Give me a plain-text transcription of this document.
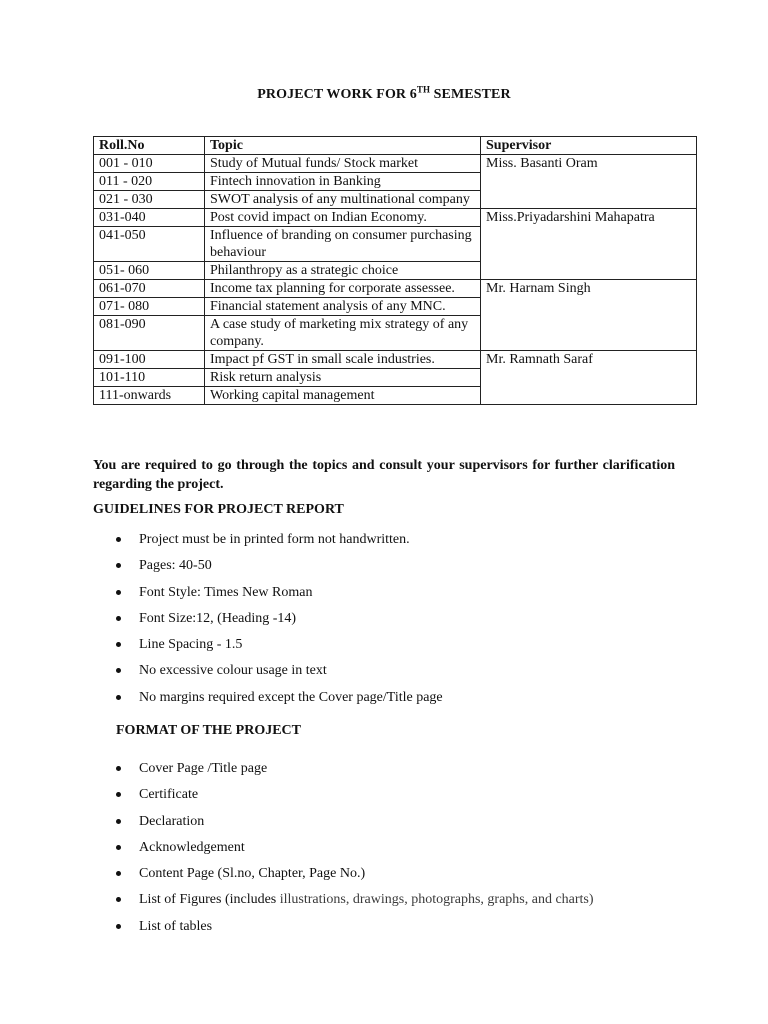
PROJECT WORK FOR 6TH SEMESTER
Roll.No	Topic	Supervisor
001 - 010	Study of Mutual funds/ Stock market	Miss. Basanti Oram
011 - 020	Fintech innovation in Banking	
021 - 030	SWOT analysis of any multinational company	
031-040	Post covid impact on Indian Economy.	Miss.Priyadarshini Mahapatra
041-050	Influence of branding on consumer purchasing behaviour	
051- 060	Philanthropy as a strategic choice	
061-070	Income tax planning for corporate assessee.	Mr. Harnam Singh
071- 080	Financial statement analysis of any MNC.	
081-090	A case study of marketing mix strategy of any company.	
091-100	Impact pf GST in small scale industries.	Mr. Ramnath Saraf
101-110	Risk return analysis	
111-onwards	Working capital management	
You are required to go through the topics and consult your supervisors for further clarification regarding the project.
GUIDELINES FOR PROJECT REPORT
Project must be in printed form not handwritten.
Pages: 40-50
Font Style: Times New Roman
Font Size:12, (Heading -14)
Line Spacing - 1.5
No excessive colour usage in text
No margins required except the Cover page/Title page
FORMAT OF THE PROJECT
Cover Page /Title page
Certificate
Declaration
Acknowledgement
Content Page (Sl.no, Chapter, Page No.)
List of Figures (includes illustrations, drawings, photographs, graphs, and charts)
List of tables
